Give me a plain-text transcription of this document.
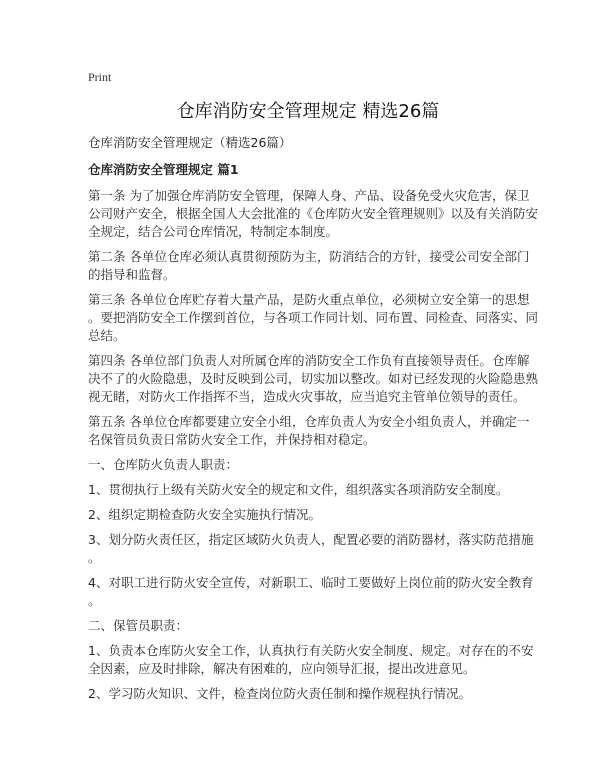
Print
仓库消防安全管理规定 精选26篇
仓库消防安全管理规定（精选26篇）
仓库消防安全管理规定 篇1
第一条 为了加强仓库消防安全管理，保障人身、产品、设备免受火灾危害，保卫
公司财产安全，根据全国人大会批准的《仓库防火安全管理规则》以及有关消防安
全规定，结合公司仓库情况，特制定本制度。
第二条 各单位仓库必须认真贯彻预防为主，防消结合的方针，接受公司安全部门
的指导和监督。
第三条 各单位仓库贮存着大量产品，是防火重点单位，必须树立安全第一的思想
。要把消防安全工作摆到首位，与各项工作同计划、同布置、同检查、同落实、同
总结。
第四条 各单位部门负责人对所属仓库的消防安全工作负有直接领导责任。仓库解
决不了的火险隐患，及时反映到公司，切实加以整改。如对已经发现的火险隐患熟
视无睹，对防火工作指挥不当，造成火灾事故，应当追究主管单位领导的责任。
第五条 各单位仓库都要建立安全小组，仓库负责人为安全小组负责人，并确定一
名保管员负责日常防火安全工作，并保持相对稳定。
一、仓库防火负责人职责：
1、贯彻执行上级有关防火安全的规定和文件，组织落实各项消防安全制度。
2、组织定期检查防火安全实施执行情况。
3、划分防火责任区，指定区域防火负责人，配置必要的消防器材，落实防范措施
。
4、对职工进行防火安全宣传，对新职工、临时工要做好上岗位前的防火安全教育
。
二、保管员职责：
1、负责本仓库防火安全工作，认真执行有关防火安全制度、规定。对存在的不安
全因素，应及时排除，解决有困难的，应向领导汇报，提出改进意见。
2、学习防火知识、文件，检查岗位防火责任制和操作规程执行情况。
